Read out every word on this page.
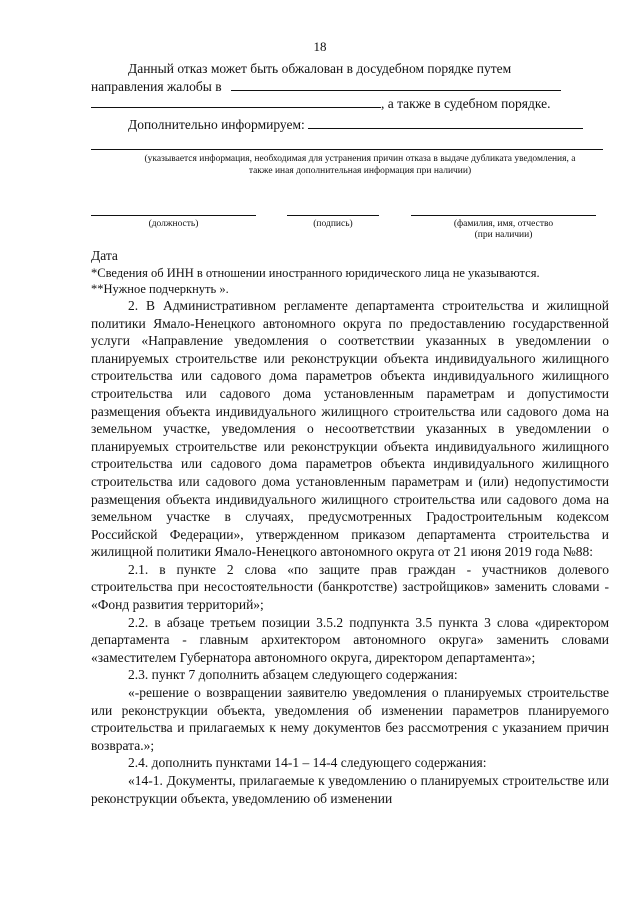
18

Данный отказ может быть обжалован в досудебном порядке путем

направления жалобы в

, а также в судебном порядке.

Дополнительно информируем:

(указывается информация, необходимая для устранения причин отказа в выдаче дубликата уведомления, а также иная дополнительная информация при наличии)
(должность)	(подпись)	(фамилия, имя, отчество
(при наличии)

Дата

*Сведения об ИНН в отношении иностранного юридического лица не указываются.

**Нужное подчеркнуть ».

2. В Административном регламенте департамента строительства и жилищной политики Ямало-Ненецкого автономного округа по предоставлению государственной услуги «Направление уведомления о соответствии указанных в уведомлении о планируемых строительстве или реконструкции объекта индивидуального жилищного строительства или садового дома параметров объекта индивидуального жилищного строительства или садового дома установленным параметрам и допустимости размещения объекта индивидуального жилищного строительства или садового дома на земельном участке, уведомления о несоответствии указанных в уведомлении о планируемых строительстве или реконструкции объекта индивидуального жилищного строительства или садового дома параметров объекта индивидуального жилищного строительства или садового дома установленным параметрам и (или) недопустимости размещения объекта индивидуального жилищного строительства или садового дома на земельном участке в случаях, предусмотренных Градостроительным кодексом Российской Федерации», утвержденном приказом департамента строительства и жилищной политики Ямало-Ненецкого автономного округа от 21 июня 2019 года №88:

2.1. в пункте 2 слова «по защите прав граждан - участников долевого строительства при несостоятельности (банкротстве) застройщиков» заменить словами - «Фонд развития территорий»;

2.2. в абзаце третьем позиции 3.5.2 подпункта 3.5 пункта 3 слова «директором департамента - главным архитектором автономного округа» заменить словами «заместителем Губернатора автономного округа, директором департамента»;

2.3. пункт 7 дополнить абзацем следующего содержания:

«-решение о возвращении заявителю уведомления о планируемых строительстве или реконструкции объекта, уведомления об изменении параметров планируемого строительства и прилагаемых к нему документов без рассмотрения с указанием причин возврата.»;

2.4. дополнить пунктами 14-1 – 14-4 следующего содержания:

«14-1. Документы, прилагаемые к уведомлению о планируемых строительстве или реконструкции объекта, уведомлению об изменении
